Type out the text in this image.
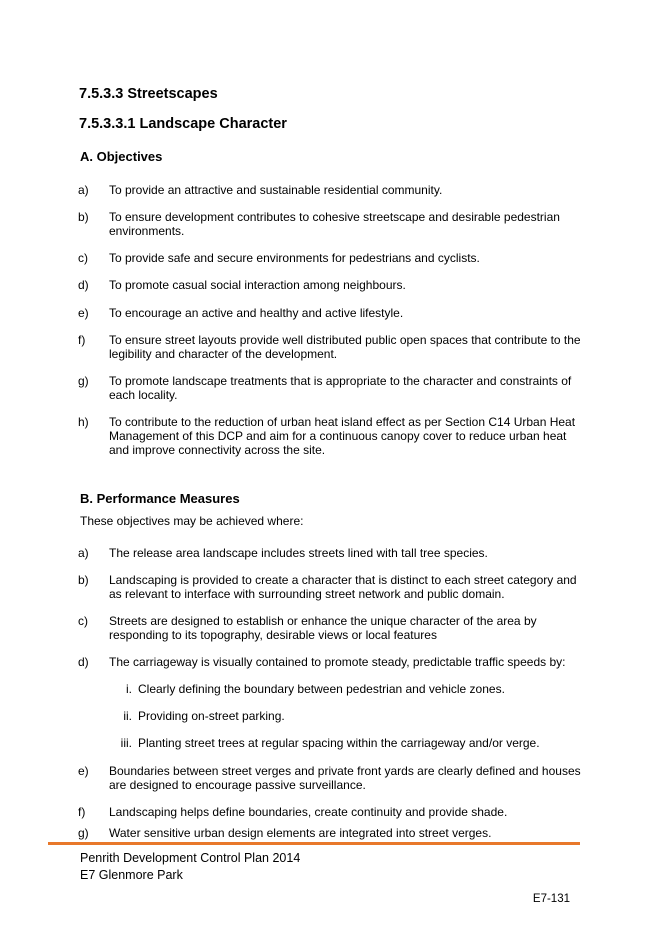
7.5.3.3 Streetscapes
7.5.3.3.1 Landscape Character
A. Objectives
a) To provide an attractive and sustainable residential community.
b) To ensure development contributes to cohesive streetscape and desirable pedestrian environments.
c) To provide safe and secure environments for pedestrians and cyclists.
d) To promote casual social interaction among neighbours.
e) To encourage an active and healthy and active lifestyle.
f) To ensure street layouts provide well distributed public open spaces that contribute to the legibility and character of the development.
g) To promote landscape treatments that is appropriate to the character and constraints of each locality.
h) To contribute to the reduction of urban heat island effect as per Section C14 Urban Heat Management of this DCP and aim for a continuous canopy cover to reduce urban heat and improve connectivity across the site.
B. Performance Measures
These objectives may be achieved where:
a) The release area landscape includes streets lined with tall tree species.
b) Landscaping is provided to create a character that is distinct to each street category and as relevant to interface with surrounding street network and public domain.
c) Streets are designed to establish or enhance the unique character of the area by responding to its topography, desirable views or local features
d) The carriageway is visually contained to promote steady, predictable traffic speeds by:
i. Clearly defining the boundary between pedestrian and vehicle zones.
ii. Providing on-street parking.
iii. Planting street trees at regular spacing within the carriageway and/or verge.
e) Boundaries between street verges and private front yards are clearly defined and houses are designed to encourage passive surveillance.
f) Landscaping helps define boundaries, create continuity and provide shade.
g) Water sensitive urban design elements are integrated into street verges.
Penrith Development Control Plan 2014
E7 Glenmore Park
E7-131
